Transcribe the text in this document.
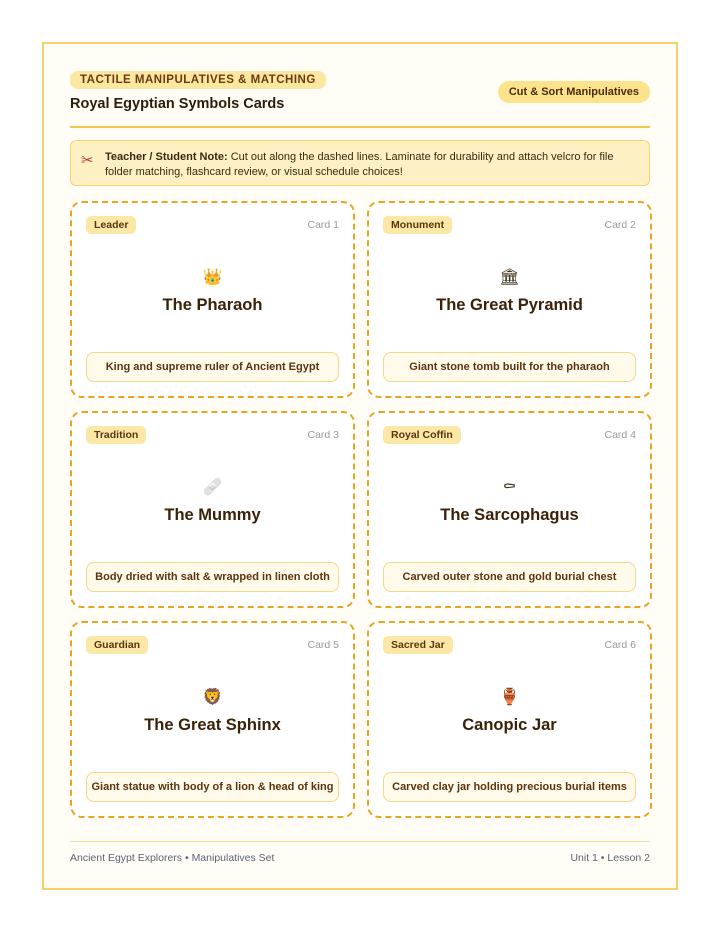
TACTILE MANIPULATIVES & MATCHING
Royal Egyptian Symbols Cards
Cut & Sort Manipulatives
✂ Teacher / Student Note: Cut out along the dashed lines. Laminate for durability and attach velcro for file folder matching, flashcard review, or visual schedule choices!
Leader	Card 1
👑
The Pharaoh
King and supreme ruler of Ancient Egypt
Monument	Card 2
🏛
The Great Pyramid
Giant stone tomb built for the pharaoh
Tradition	Card 3
🩹
The Mummy
Body dried with salt & wrapped in linen cloth
Royal Coffin	Card 4
⚰
The Sarcophagus
Carved outer stone and gold burial chest
Guardian	Card 5
🦁
The Great Sphinx
Giant statue with body of a lion & head of king
Sacred Jar	Card 6
🏺
Canopic Jar
Carved clay jar holding precious burial items
Ancient Egypt Explorers • Manipulatives Set	Unit 1 • Lesson 2
